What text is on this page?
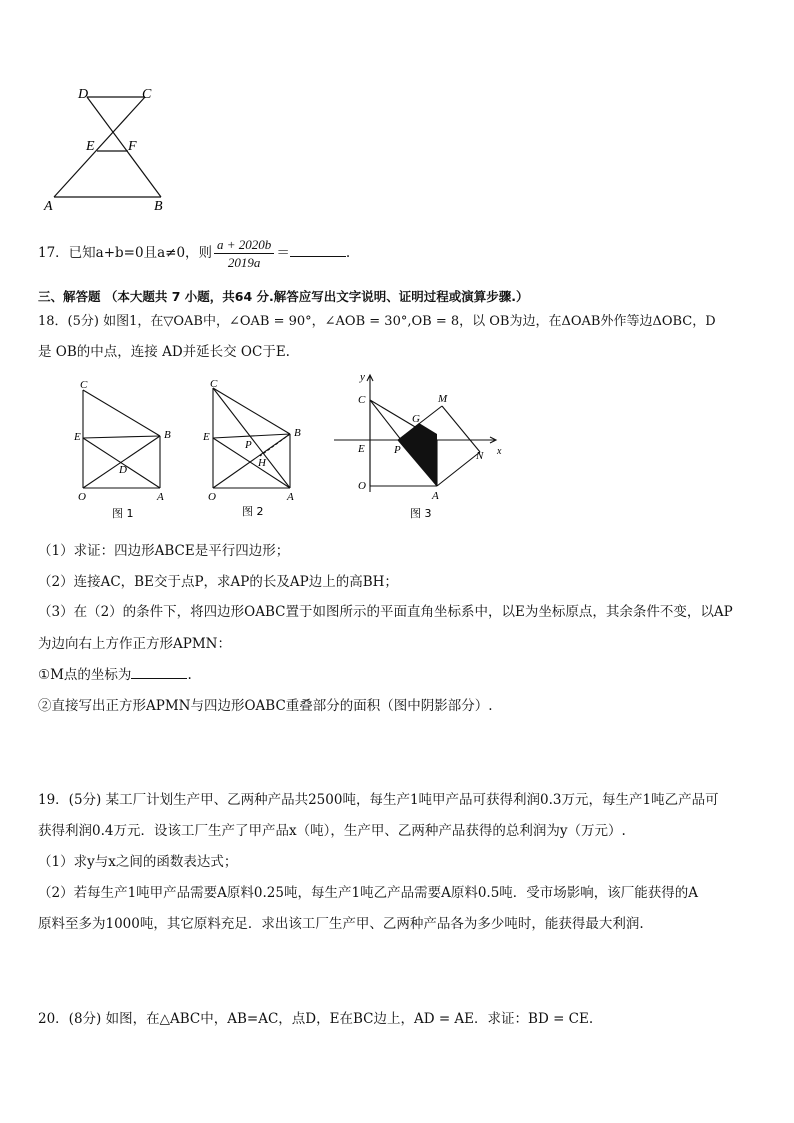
D	C
E F
A	B
17．已知a+b=0且a≠0，则 $\frac{a + 2020b}{2019a}$ ＝	.
三、解答题 （本大题共 7 小题，共64 分.解答应写出文字说明、证明过程或演算步骤.）
18．(5分) 如图1，在▽OAB中，∠OAB = 90°，∠AOB = 30°,OB = 8，以 OB为边，在ΔOAB外作等边ΔOBC，D
是 OB的中点，连接 AD并延长交 OC于E.
C
E	B
D
O	A
图 1
C
E	B
P
H
O	A
图 2
y
x
C
E
O
P
G
M
B	N
A
图 3
（1）求证：四边形ABCE是平行四边形；
（2）连接AC，BE交于点P，求AP的长及AP边上的高BH；
（3）在（2）的条件下，将四边形OABC置于如图所示的平面直角坐标系中，以E为坐标原点，其余条件不变，以AP
为边向右上方作正方形APMN：
①M点的坐标为	.
②直接写出正方形APMN与四边形OABC重叠部分的面积（图中阴影部分）.
19．(5分) 某工厂计划生产甲、乙两种产品共2500吨，每生产1吨甲产品可获得利润0.3万元，每生产1吨乙产品可
获得利润0.4万元．设该工厂生产了甲产品x（吨），生产甲、乙两种产品获得的总利润为y（万元）.
（1）求y与x之间的函数表达式；
（2）若每生产1吨甲产品需要A原料0.25吨，每生产1吨乙产品需要A原料0.5吨．受市场影响，该厂能获得的A
原料至多为1000吨，其它原料充足．求出该工厂生产甲、乙两种产品各为多少吨时，能获得最大利润.
20．(8分) 如图，在△ABC中，AB=AC，点D，E在BC边上，AD = AE．求证：BD = CE.
